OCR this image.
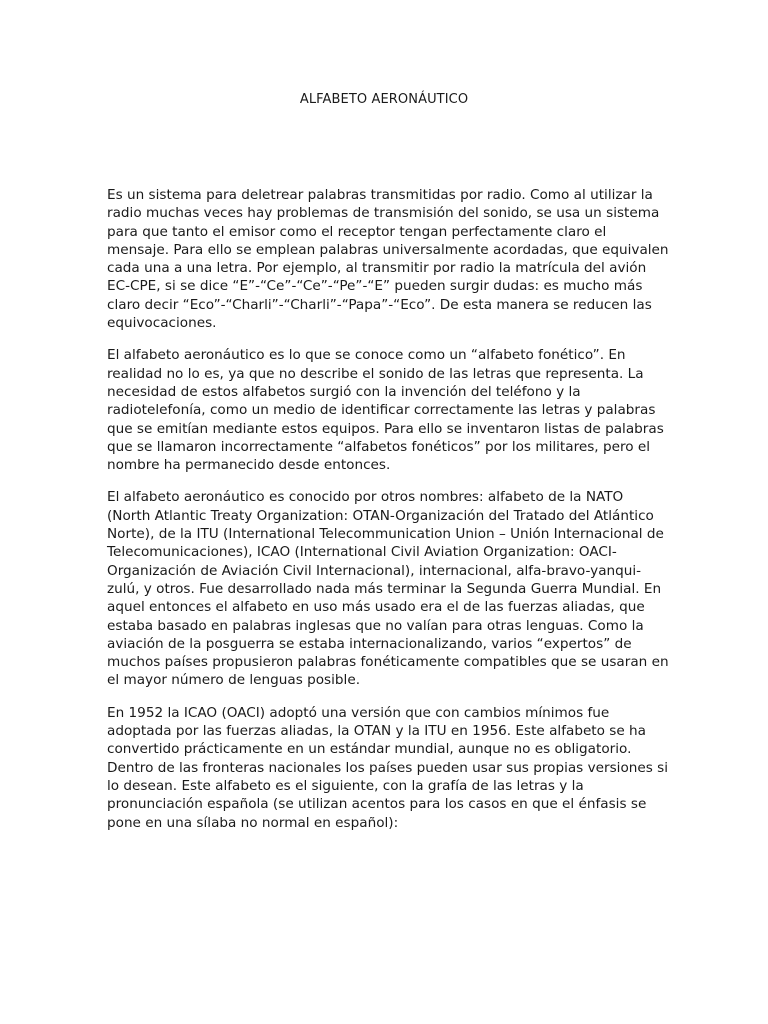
ALFABETO AERONÁUTICO

Es un sistema para deletrear palabras transmitidas por radio. Como al utilizar la radio muchas veces hay problemas de transmisión del sonido, se usa un sistema para que tanto el emisor como el receptor tengan perfectamente claro el mensaje. Para ello se emplean palabras universalmente acordadas, que equivalen cada una a una letra. Por ejemplo, al transmitir por radio la matrícula del avión EC-CPE, si se dice “E”-“Ce”-“Ce”-“Pe”-“E” pueden surgir dudas: es mucho más claro decir “Eco”-“Charli”-“Charli”-“Papa”-“Eco”. De esta manera se reducen las equivocaciones.

El alfabeto aeronáutico es lo que se conoce como un “alfabeto fonético”. En realidad no lo es, ya que no describe el sonido de las letras que representa. La necesidad de estos alfabetos surgió con la invención del teléfono y la radiotelefonía, como un medio de identificar correctamente las letras y palabras que se emitían mediante estos equipos. Para ello se inventaron listas de palabras que se llamaron incorrectamente “alfabetos fonéticos” por los militares, pero el nombre ha permanecido desde entonces.

El alfabeto aeronáutico es conocido por otros nombres: alfabeto de la NATO (North Atlantic Treaty Organization: OTAN-Organización del Tratado del Atlántico Norte), de la ITU (International Telecommunication Union – Unión Internacional de Telecomunicaciones), ICAO (International Civil Aviation Organization: OACI-Organización de Aviación Civil Internacional), internacional, alfa-bravo-yanqui-zulú, y otros. Fue desarrollado nada más terminar la Segunda Guerra Mundial. En aquel entonces el alfabeto en uso más usado era el de las fuerzas aliadas, que estaba basado en palabras inglesas que no valían para otras lenguas. Como la aviación de la posguerra se estaba internacionalizando, varios “expertos” de muchos países propusieron palabras fonéticamente compatibles que se usaran en el mayor número de lenguas posible.

En 1952 la ICAO (OACI) adoptó una versión que con cambios mínimos fue adoptada por las fuerzas aliadas, la OTAN y la ITU en 1956. Este alfabeto se ha convertido prácticamente en un estándar mundial, aunque no es obligatorio. Dentro de las fronteras nacionales los países pueden usar sus propias versiones si lo desean. Este alfabeto es el siguiente, con la grafía de las letras y la pronunciación española (se utilizan acentos para los casos en que el énfasis se pone en una sílaba no normal en español):
